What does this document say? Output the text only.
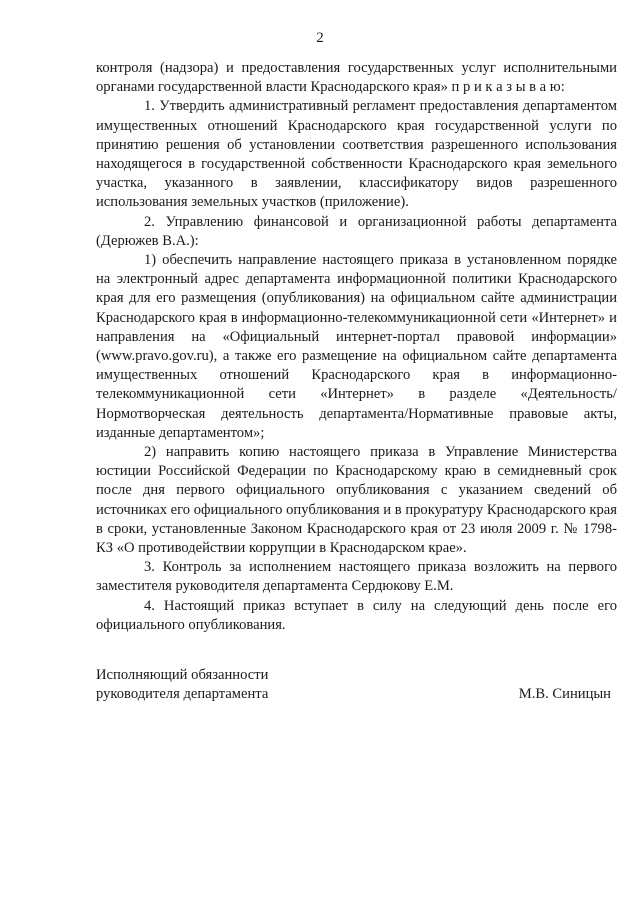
2

контроля (надзора) и предоставления государственных услуг исполнительными органами государственной власти Краснодарского края» п р и к а з ы в а ю:

1. Утвердить административный регламент предоставления департаментом имущественных отношений Краснодарского края государственной услуги по принятию решения об установлении соответствия разрешенного использования находящегося в государственной собственности Краснодарского края земельного участка, указанного в заявлении, классификатору видов разрешенного использования земельных участков (приложение).

2. Управлению финансовой и организационной работы департамента (Дерюжев В.А.):

1) обеспечить направление настоящего приказа в установленном порядке на электронный адрес департамента информационной политики Краснодарского края для его размещения (опубликования) на официальном сайте администрации Краснодарского края в информационно-телекоммуникационной сети «Интернет» и направления на «Официальный интернет-портал правовой информации» (www.pravo.gov.ru), а также его размещение на официальном сайте департамента имущественных отношений Краснодарского края в информационно-телекоммуникационной сети «Интернет» в разделе «Деятельность/Нормотворческая деятельность департамента/Нормативные правовые акты, изданные департаментом»;

2) направить копию настоящего приказа в Управление Министерства юстиции Российской Федерации по Краснодарскому краю в семидневный срок после дня первого официального опубликования с указанием сведений об источниках его официального опубликования и в прокуратуру Краснодарского края в сроки, установленные Законом Краснодарского края от 23 июля 2009 г. № 1798-КЗ «О противодействии коррупции в Краснодарском крае».

3. Контроль за исполнением настоящего приказа возложить на первого заместителя руководителя департамента Сердюкову Е.М.

4. Настоящий приказ вступает в силу на следующий день после его официального опубликования.

Исполняющий обязанности
руководителя департамента	М.В. Синицын
